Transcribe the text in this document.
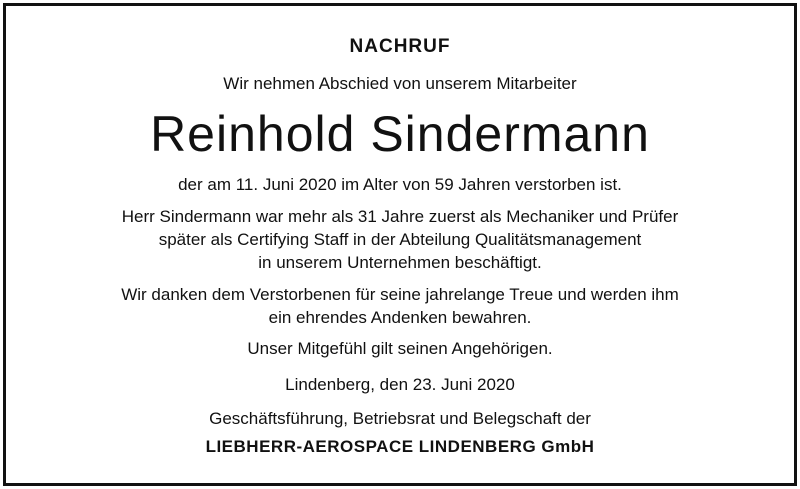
NACHRUF
Wir nehmen Abschied von unserem Mitarbeiter
Reinhold Sindermann
der am 11. Juni 2020 im Alter von 59 Jahren verstorben ist.
Herr Sindermann war mehr als 31 Jahre zuerst als Mechaniker und Prüfer
später als Certifying Staff in der Abteilung Qualitätsmanagement
in unserem Unternehmen beschäftigt.
Wir danken dem Verstorbenen für seine jahrelange Treue und werden ihm
ein ehrendes Andenken bewahren.
Unser Mitgefühl gilt seinen Angehörigen.
Lindenberg, den 23. Juni 2020
Geschäftsführung, Betriebsrat und Belegschaft der
LIEBHERR-AEROSPACE LINDENBERG GmbH
